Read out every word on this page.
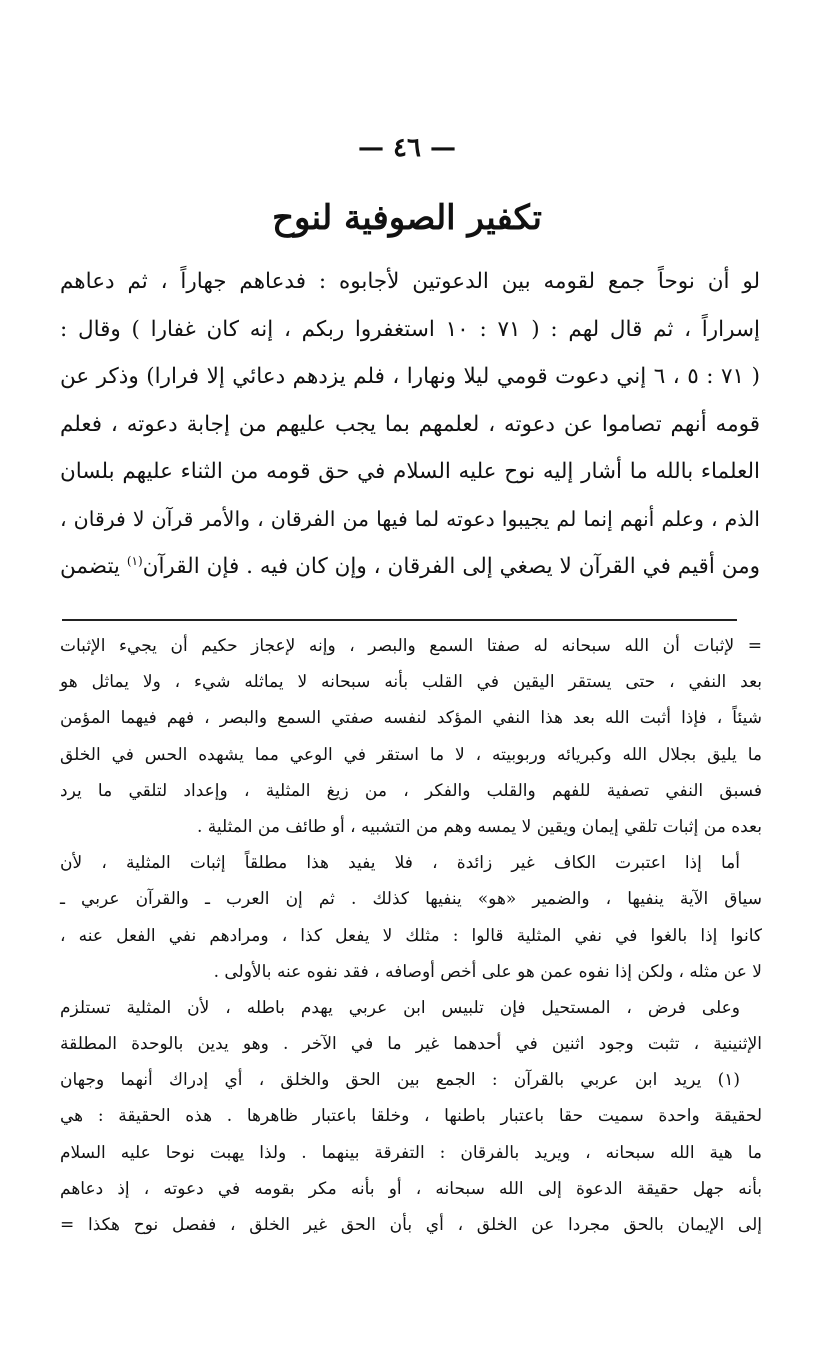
— ٤٦ —
تكفير الصوفية لنوح
لو أن نوحاً جمع لقومه بين الدعوتين لأجابوه : فدعاهم جهاراً ، ثم دعاهم
إسراراً ، ثم قال لهم : ( ٧١ : ١٠ استغفروا ربكم ، إنه كان غفارا ) وقال :
( ٧١ : ٥ ، ٦ إني دعوت قومي ليلا ونهارا ، فلم يزدهم دعائي إلا فرارا) وذكر عن
قومه أنهم تصاموا عن دعوته ، لعلمهم بما يجب عليهم من إجابة دعوته ، فعلم
العلماء بالله ما أشار إليه نوح عليه السلام في حق قومه من الثناء عليهم بلسان
الذم ، وعلم أنهم إنما لم يجيبوا دعوته لما فيها من الفرقان ، والأمر قرآن لا فرقان ،
ومن أقيم في القرآن لا يصغي إلى الفرقان ، وإن كان فيه . فإن القرآن$^{(١)}$ يتضمن
= لإثبات أن الله سبحانه له صفتا السمع والبصر ، وإنه لإعجاز حكيم أن يجيء الإثبات
بعد النفي ، حتى يستقر اليقين في القلب بأنه سبحانه لا يماثله شيء ، ولا يماثل هو
شيئاً ، فإذا أثبت الله بعد هذا النفي المؤكد لنفسه صفتي السمع والبصر ، فهم فيهما المؤمن
ما يليق بجلال الله وكبريائه وربوبيته ، لا ما استقر في الوعي مما يشهده الحس في الخلق
فسبق النفي تصفية للفهم والقلب والفكر ، من زيغ المثلية ، وإعداد لتلقي ما يرد
بعده من إثبات تلقي إيمان ويقين لا يمسه وهم من التشبيه ، أو طائف من المثلية .
أما إذا اعتبرت الكاف غير زائدة ، فلا يفيد هذا مطلقاً إثبات المثلية ، لأن
سياق الآية ينفيها ، والضمير «هو» ينفيها كذلك . ثم إن العرب ـ والقرآن عربي ـ
كانوا إذا بالغوا في نفي المثلية قالوا : مثلك لا يفعل كذا ، ومرادهم نفي الفعل عنه ،
لا عن مثله ، ولكن إذا نفوه عمن هو على أخص أوصافه ، فقد نفوه عنه بالأولى .
وعلى فرض ، المستحيل فإن تلبيس ابن عربي يهدم باطله ، لأن المثلية تستلزم
الإثنينية ، تثبت وجود اثنين في أحدهما غير ما في الآخر . وهو يدين بالوحدة المطلقة
(١) يريد ابن عربي بالقرآن : الجمع بين الحق والخلق ، أي إدراك أنهما وجهان
لحقيقة واحدة سميت حقا باعتبار باطنها ، وخلقا باعتبار ظاهرها . هذه الحقيقة : هي
ما هية الله سبحانه ، ويريد بالفرقان : التفرقة بينهما . ولذا يهبت نوحا عليه السلام
بأنه جهل حقيقة الدعوة إلى الله سبحانه ، أو بأنه مكر بقومه في دعوته ، إذ دعاهم
إلى الإيمان بالحق مجردا عن الخلق ، أي بأن الحق غير الخلق ، ففصل نوح هكذا =
